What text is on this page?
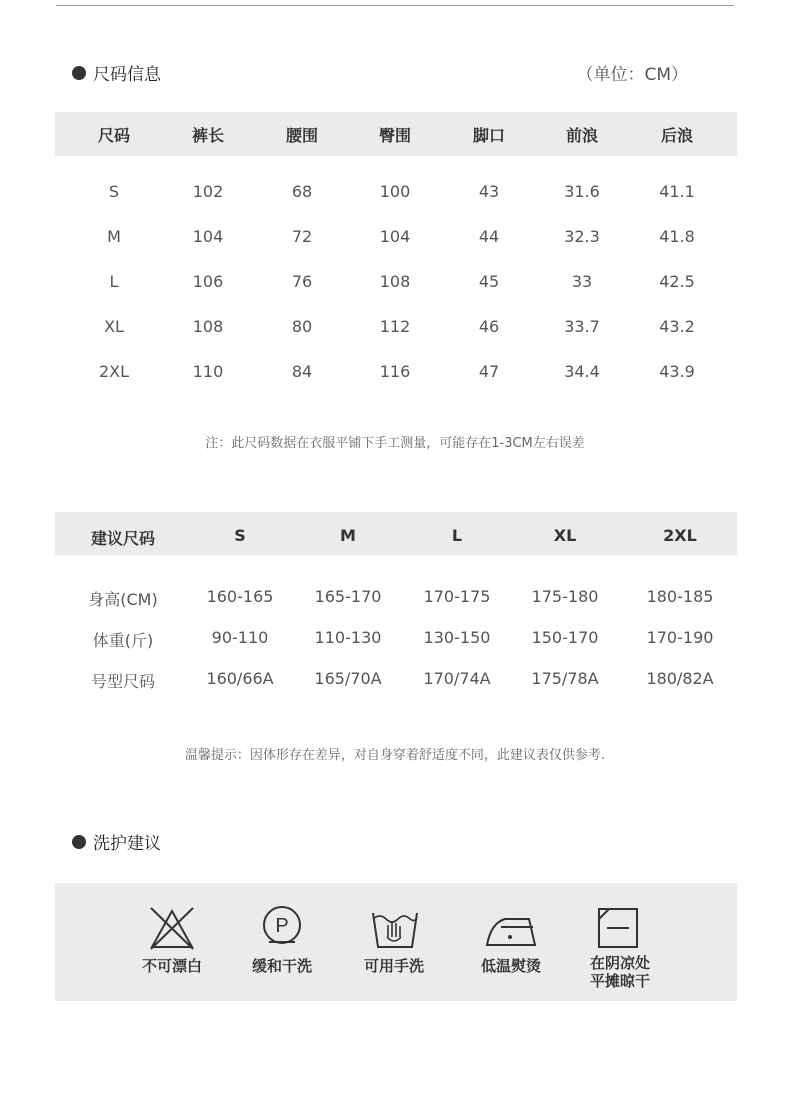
尺码信息	（单位：CM）
尺码	裤长	腰围	臀围	脚口	前浪	后浪
S	102	68	100	43	31.6	41.1
M	104	72	104	44	32.3	41.8
L	106	76	108	45	33	42.5
XL	108	80	112	46	33.7	43.2
2XL	110	84	116	47	34.4	43.9
注：此尺码数据在衣服平铺下手工测量，可能存在1-3CM左右误差
建议尺码	S	M	L	XL	2XL
身高(CM)	160-165	165-170	170-175	175-180	180-185
体重(斤)	90-110	110-130	130-150	150-170	170-190
号型尺码	160/66A	165/70A	170/74A	175/78A	180/82A
温馨提示：因体形存在差异，对自身穿着舒适度不同，此建议表仅供参考.
洗护建议
P
不可漂白	缓和干洗	可用手洗	低温熨烫	在阴凉处
平摊晾干
